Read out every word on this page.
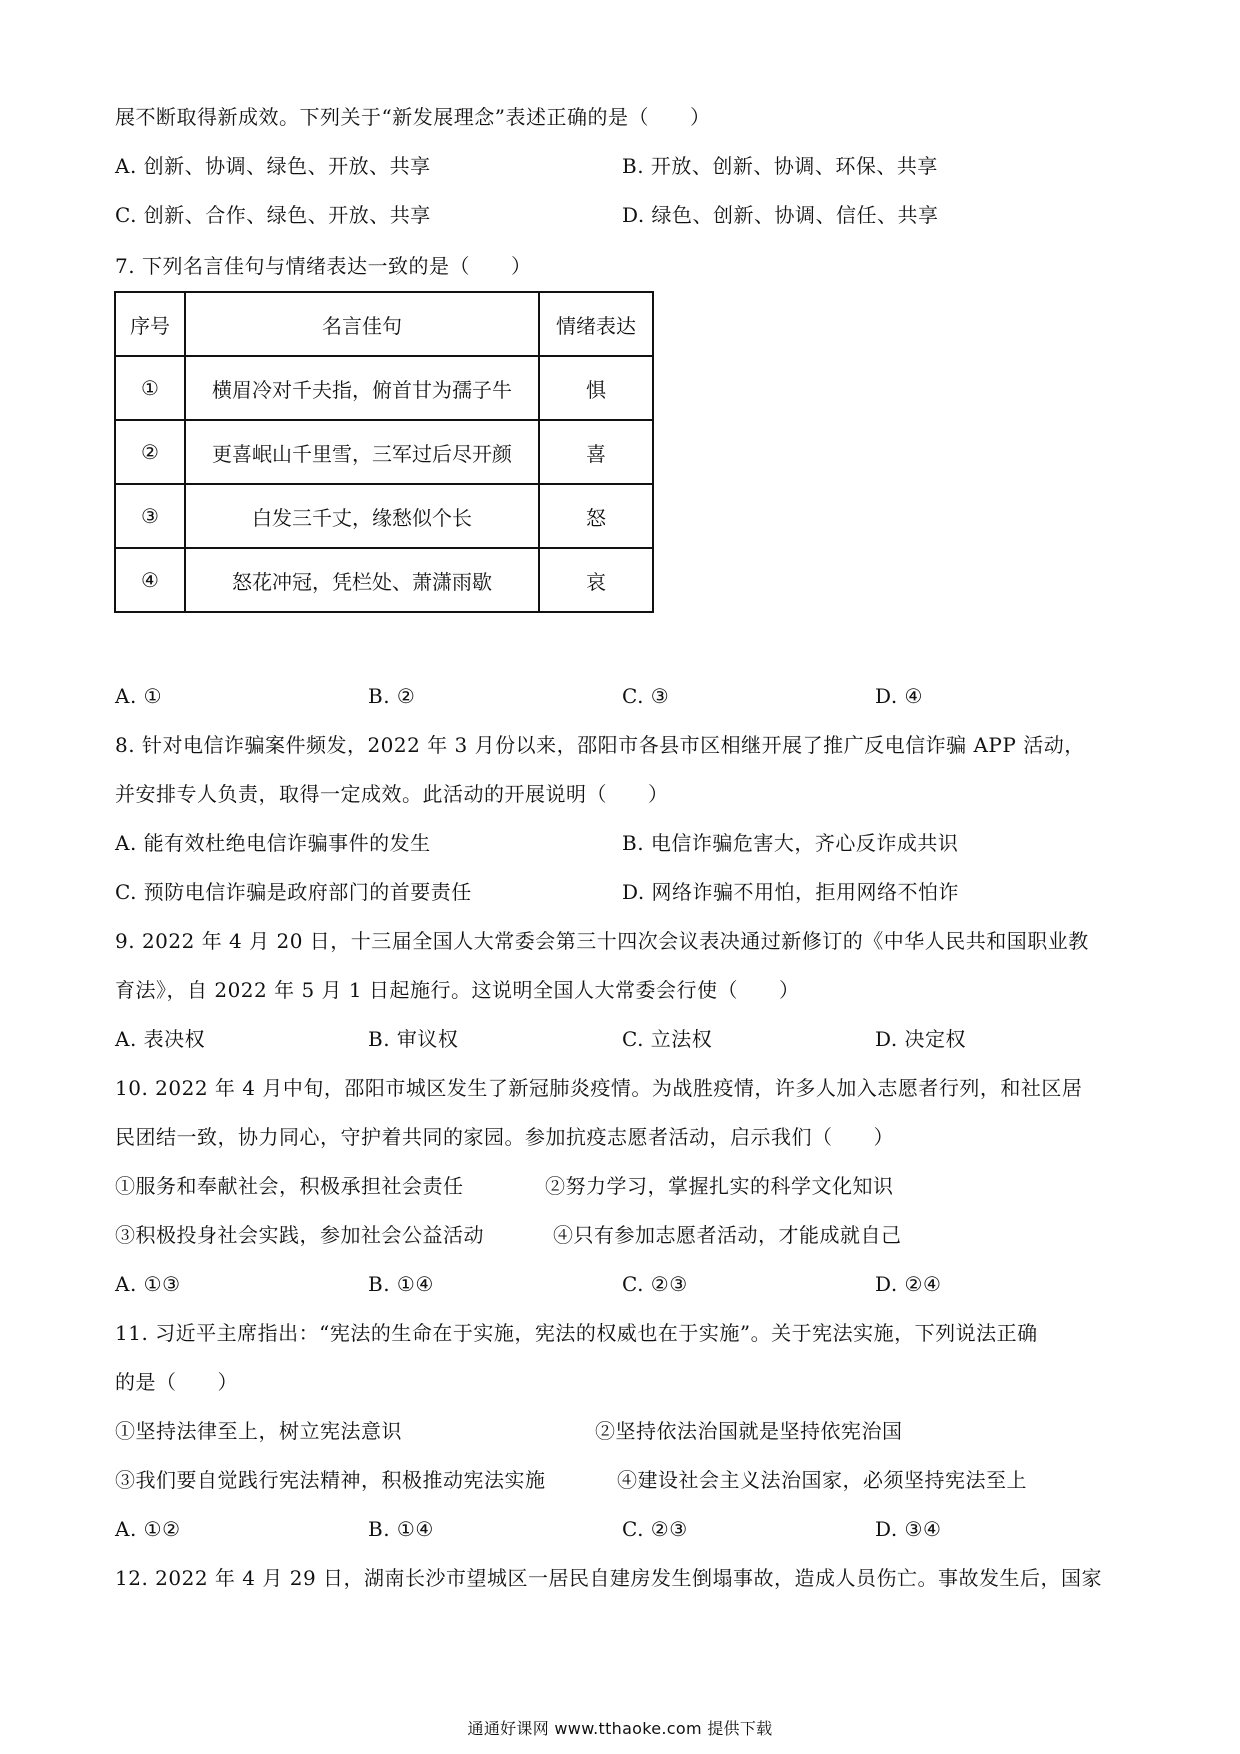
展不断取得新成效。下列关于“新发展理念”表述正确的是（　　）
A. 创新、协调、绿色、开放、共享	B. 开放、创新、协调、环保、共享
C. 创新、合作、绿色、开放、共享	D. 绿色、创新、协调、信任、共享
7. 下列名言佳句与情绪表达一致的是（　　）
序号	名言佳句	情绪表达
①	横眉冷对千夫指，俯首甘为孺子牛	惧
②	更喜岷山千里雪，三军过后尽开颜	喜
③	白发三千丈，缘愁似个长	怒
④	怒花冲冠，凭栏处、萧潇雨歇	哀
A. ①	B. ②	C. ③	D. ④
8. 针对电信诈骗案件频发，2022 年 3 月份以来，邵阳市各县市区相继开展了推广反电信诈骗 APP 活动，
并安排专人负责，取得一定成效。此活动的开展说明（　　）
A. 能有效杜绝电信诈骗事件的发生	B. 电信诈骗危害大，齐心反诈成共识
C. 预防电信诈骗是政府部门的首要责任	D. 网络诈骗不用怕，拒用网络不怕诈
9. 2022 年 4 月 20 日，十三届全国人大常委会第三十四次会议表决通过新修订的《中华人民共和国职业教
育法》，自 2022 年 5 月 1 日起施行。这说明全国人大常委会行使（　　）
A. 表决权	B. 审议权	C. 立法权	D. 决定权
10. 2022 年 4 月中旬，邵阳市城区发生了新冠肺炎疫情。为战胜疫情，许多人加入志愿者行列，和社区居
民团结一致，协力同心，守护着共同的家园。参加抗疫志愿者活动，启示我们（　　）
①服务和奉献社会，积极承担社会责任	②努力学习，掌握扎实的科学文化知识
③积极投身社会实践，参加社会公益活动	④只有参加志愿者活动，才能成就自己
A. ①③	B. ①④	C. ②③	D. ②④
11. 习近平主席指出：“宪法的生命在于实施，宪法的权威也在于实施”。关于宪法实施，下列说法正确
的是（　　）
①坚持法律至上，树立宪法意识	②坚持依法治国就是坚持依宪治国
③我们要自觉践行宪法精神，积极推动宪法实施	④建设社会主义法治国家，必须坚持宪法至上
A. ①②	B. ①④	C. ②③	D. ③④
12. 2022 年 4 月 29 日，湖南长沙市望城区一居民自建房发生倒塌事故，造成人员伤亡。事故发生后，国家
通通好课网 www.tthaoke.com 提供下载
